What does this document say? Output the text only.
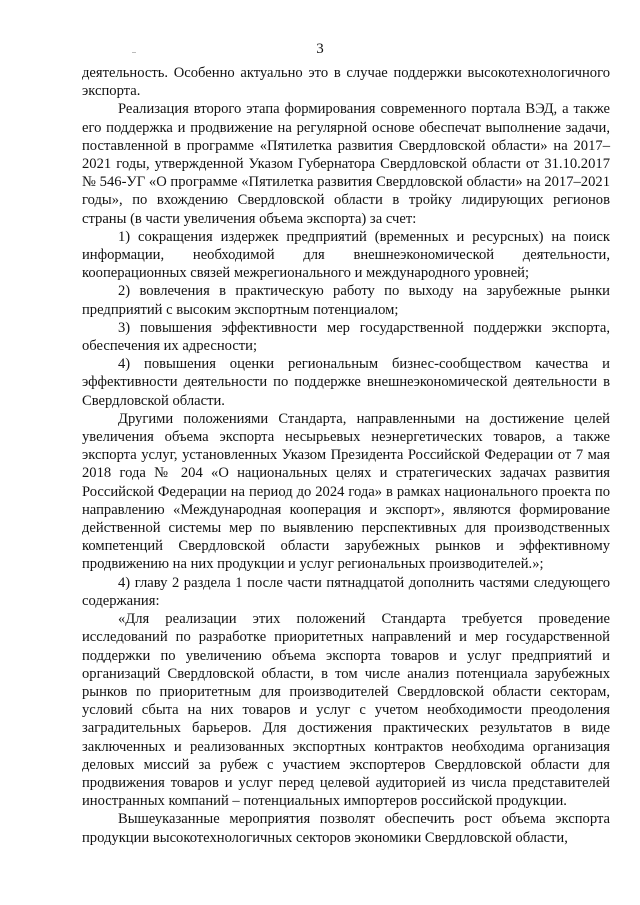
3

деятельность. Особенно актуально это в случае поддержки высокотехнологичного экспорта.

Реализация второго этапа формирования современного портала ВЭД, а также его поддержка и продвижение на регулярной основе обеспечат выполнение задачи, поставленной в программе «Пятилетка развития Свердловской области» на 2017–2021 годы, утвержденной Указом Губернатора Свердловской области от 31.10.2017 № 546-УГ «О программе «Пятилетка развития Свердловской области» на 2017–2021 годы», по вхождению Свердловской области в тройку лидирующих регионов страны (в части увеличения объема экспорта) за счет:

1) сокращения издержек предприятий (временных и ресурсных) на поиск информации, необходимой для внешнеэкономической деятельности, кооперационных связей межрегионального и международного уровней;

2) вовлечения в практическую работу по выходу на зарубежные рынки предприятий с высоким экспортным потенциалом;

3) повышения эффективности мер государственной поддержки экспорта, обеспечения их адресности;

4) повышения оценки региональным бизнес-сообществом качества и эффективности деятельности по поддержке внешнеэкономической деятельности в Свердловской области.

Другими положениями Стандарта, направленными на достижение целей увеличения объема экспорта несырьевых неэнергетических товаров, а также экспорта услуг, установленных Указом Президента Российской Федерации от 7 мая 2018 года № 204 «О национальных целях и стратегических задачах развития Российской Федерации на период до 2024 года» в рамках национального проекта по направлению «Международная кооперация и экспорт», являются формирование действенной системы мер по выявлению перспективных для производственных компетенций Свердловской области зарубежных рынков и эффективному продвижению на них продукции и услуг региональных производителей.»;

4) главу 2 раздела 1 после части пятнадцатой дополнить частями следующего содержания:

«Для реализации этих положений Стандарта требуется проведение исследований по разработке приоритетных направлений и мер государственной поддержки по увеличению объема экспорта товаров и услуг предприятий и организаций Свердловской области, в том числе анализ потенциала зарубежных рынков по приоритетным для производителей Свердловской области секторам, условий сбыта на них товаров и услуг с учетом необходимости преодоления заградительных барьеров. Для достижения практических результатов в виде заключенных и реализованных экспортных контрактов необходима организация деловых миссий за рубеж с участием экспортеров Свердловской области для продвижения товаров и услуг перед целевой аудиторией из числа представителей иностранных компаний – потенциальных импортеров российской продукции.

Вышеуказанные мероприятия позволят обеспечить рост объема экспорта продукции высокотехнологичных секторов экономики Свердловской области,
